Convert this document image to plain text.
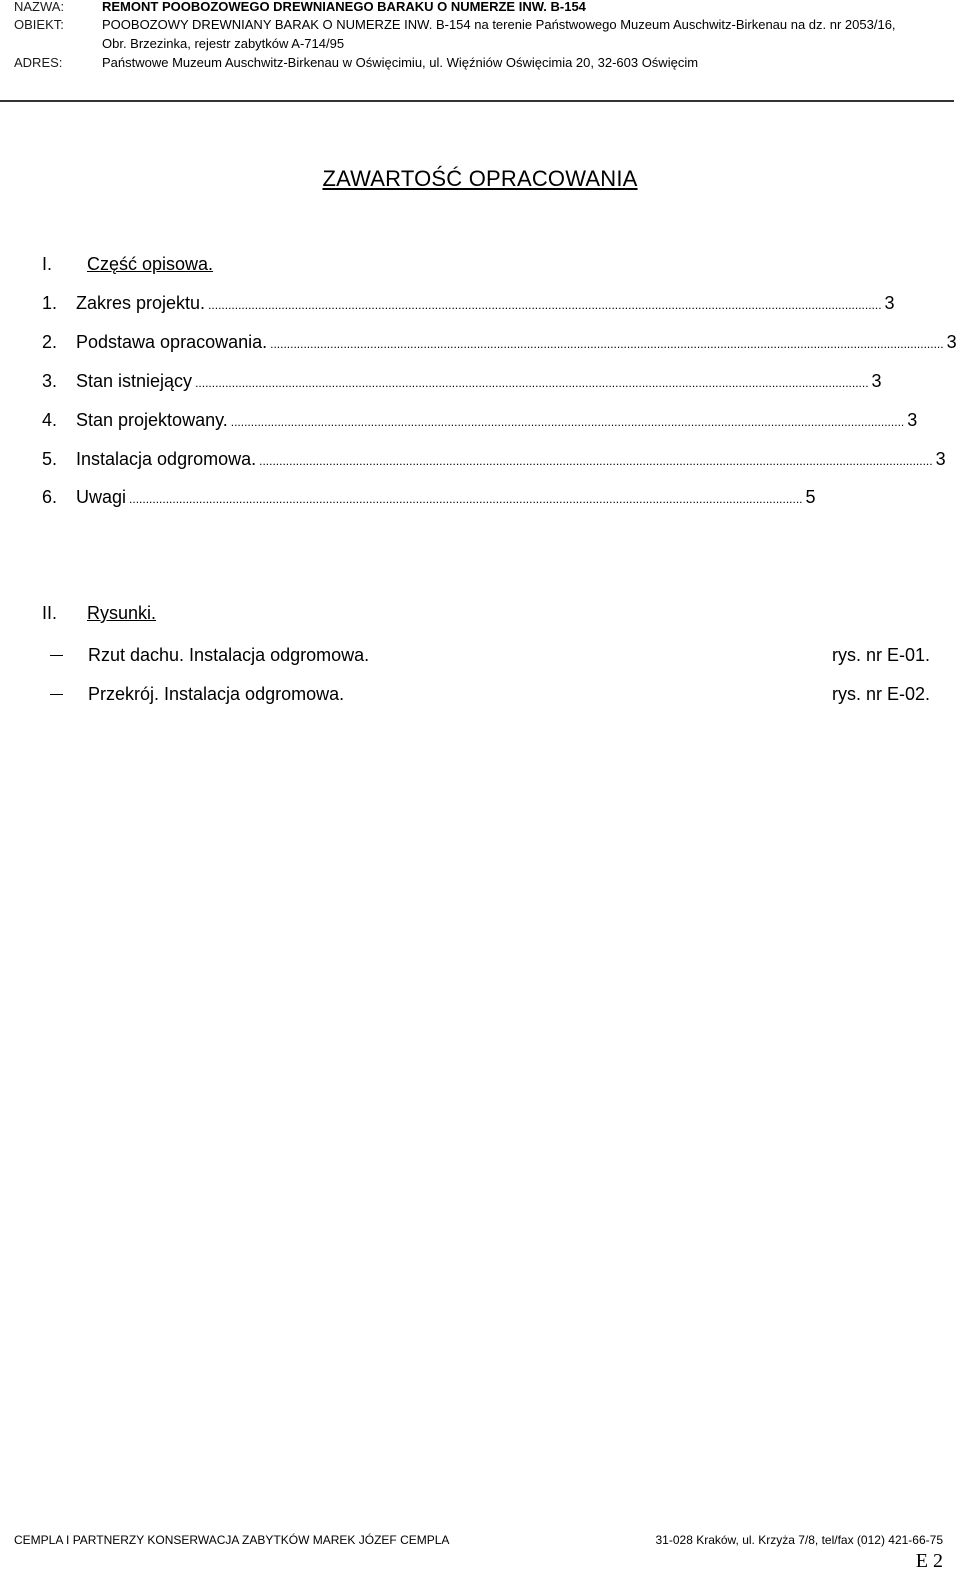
NAZWA:	REMONT POOBOZOWEGO DREWNIANEGO BARAKU O NUMERZE INW. B-154
OBIEKT:	POOBOZOWY DREWNIANY BARAK O NUMERZE INW. B-154 na terenie Państwowego Muzeum Auschwitz-Birkenau na dz. nr 2053/16,
Obr. Brzezinka, rejestr zabytków A-714/95
ADRES:	Państwowe Muzeum Auschwitz-Birkenau w Oświęcimiu, ul. Więźniów Oświęcimia 20, 32-603 Oświęcim
ZAWARTOŚĆ OPRACOWANIA
I. Część opisowa.
1.	Zakres projektu. .......................................................................................................................................................................................................... 3
2.	Podstawa opracowania. .......................................................................................................................................................................................................... 3
3.	Stan istniejący .......................................................................................................................................................................................................... 3
4.	Stan projektowany. .......................................................................................................................................................................................................... 3
5.	Instalacja odgromowa. .......................................................................................................................................................................................................... 3
6.	Uwagi .......................................................................................................................................................................................................... 5
II. Rysunki.
Rzut dachu. Instalacja odgromowa.	rys. nr E-01.
Przekrój. Instalacja odgromowa.	rys. nr E-02.
CEMPLA I PARTNERZY KONSERWACJA ZABYTKÓW MAREK JÓZEF CEMPLA	31-028 Kraków, ul. Krzyża 7/8, tel/fax (012) 421-66-75
E 2
